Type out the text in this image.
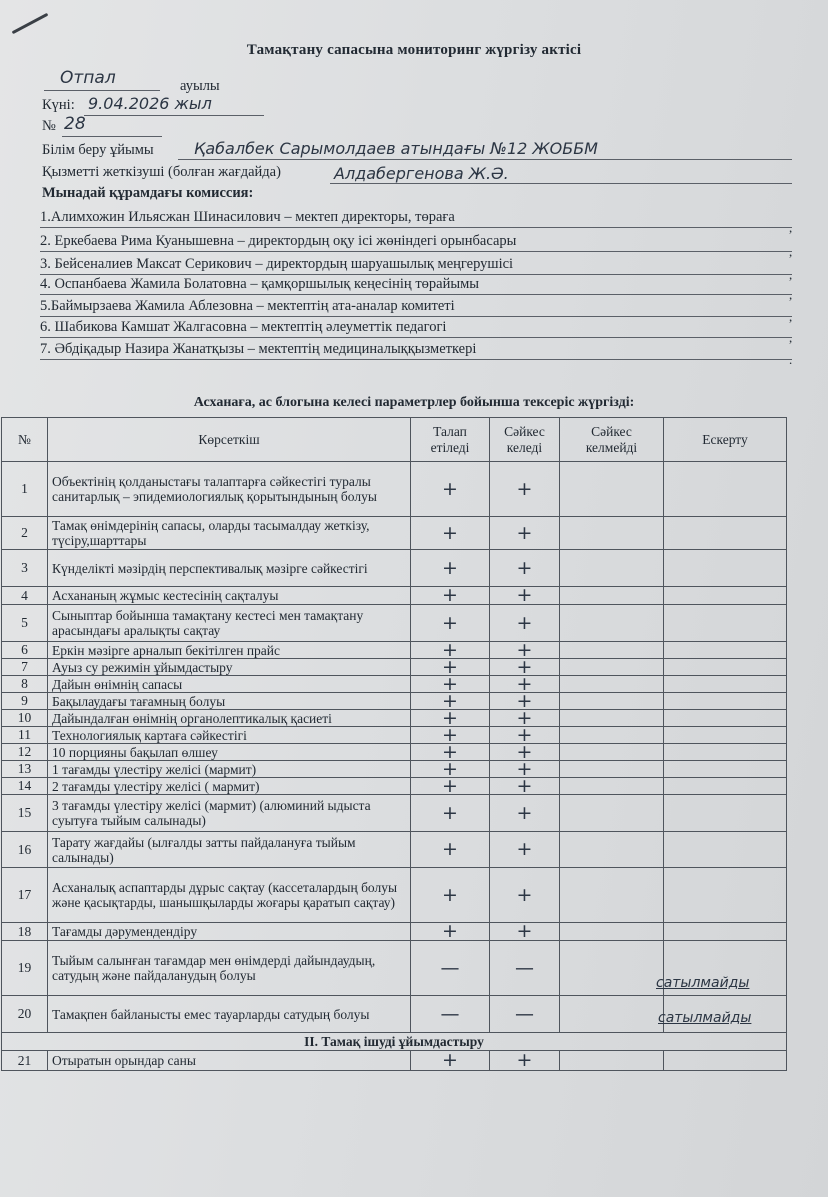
Тамақтану сапасына мониторинг жүргізу актісі
Отпал	ауылы
Күні: 9.04.2026 жыл
№ 28
Білім беру ұйымы	Қабалбек Сарымолдаев атындағы №12 ЖОББМ
Қызметті жеткізуші (болған жағдайда)	Алдабергенова Ж.Ә.
Мынадай құрамдағы комиссия:
1.Алимхожин Ильясжан Шинасилович – мектеп директоры, төраға
,
2. Еркебаева Рима Куанышевна – директордың оқу ісі жөніндегі орынбасары
,
3. Бейсеналиев Максат Серикович – директордың шаруашылық меңгерушісі
,
4. Оспанбаева Жамила Болатовна – қамқоршылық кеңесінің төрайымы
,
5.Баймырзаева Жамила Аблезовна – мектептің ата-аналар комитеті
,
6. Шабикова Камшат Жалгасовна – мектептің әлеуметтік педагогі
,
7. Әбдіқадыр Назира Жанатқызы – мектептің медициналыққызметкері
.
Асханаға, ас блогына келесі параметрлер бойынша тексеріс жүргізді:
№	Көрсеткіш	Талап етіледі	Сәйкес келеді	Сәйкес келмейді	Ескерту
1	Объектінің қолданыстағы талаптарға сәйкестігі туралы санитарлық – эпидемиологиялық қорытындының болуы	+	+		
2	Тамақ өнімдерінің сапасы, оларды тасымалдау жеткізу, түсіру,шарттары	+	+		
3	Күнделікті мәзірдің перспективалық мәзірге сәйкестігі	+	+		
4	Асхананың жұмыс кестесінің сақталуы	+	+		
5	Сыныптар бойынша тамақтану кестесі мен тамақтану арасындағы аралықты сақтау	+	+		
6	Еркін мәзірге арналып бекітілген прайс	+	+		
7	Ауыз су режимін ұйымдастыру	+	+		
8	Дайын өнімнің сапасы	+	+		
9	Бақылаудағы тағамның болуы	+	+		
10	Дайындалған өнімнің органолептикалық қасиеті	+	+		
11	Технологиялық картаға сәйкестігі	+	+		
12	10 порцияны бақылап өлшеу	+	+		
13	1 тағамды үлестіру желісі (мармит)	+	+		
14	2 тағамды үлестіру желісі ( мармит)	+	+		
15	3 тағамды үлестіру желісі (мармит) (алюминий ыдыста суытуға тыйым салынады)	+	+		
16	Тарату жағдайы (ылғалды затты пайдалануға тыйым салынады)	+	+		
17	Асханалық аспаптарды дұрыс сақтау (кассеталардың болуы және қасықтарды, шанышқыларды жоғары қаратып сақтау)	+	+		
18	Тағамды дәрумендендіру	+	+		
19	Тыйым салынған тағамдар мен өнімдерді дайындаудың, сатудың және пайдаланудың болуы	—	—		сатылмайды

20	Тамақпен байланысты емес тауарларды сатудың болуы	—	—		сатылмайды

ІІ. Тамақ ішуді ұйымдастыру					
21	Отыратын орындар саны	+	+		
